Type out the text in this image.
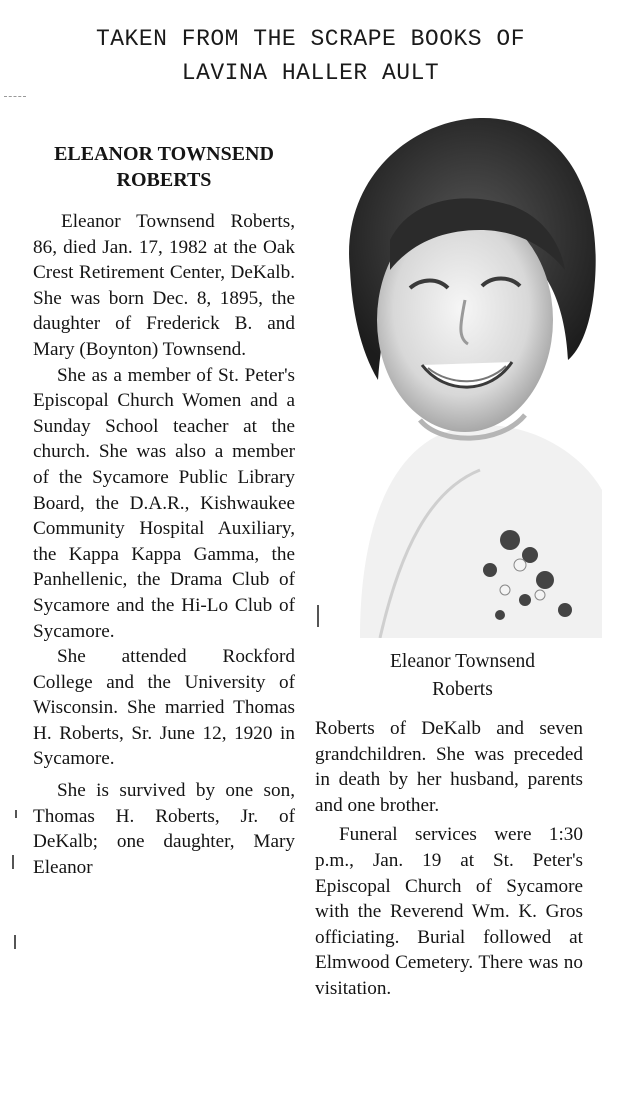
TAKEN FROM THE SCRAPE BOOKS OF
LAVINA HALLER AULT
ELEANOR TOWNSEND
ROBERTS

Eleanor Townsend Roberts, 86, died Jan. 17, 1982 at the Oak Crest Retirement Center, DeKalb. She was born Dec. 8, 1895, the daughter of Frederick B. and Mary (Boynton) Townsend.

She as a member of St. Peter's Episcopal Church Women and a Sunday School teacher at the church. She was also a member of the Sycamore Public Library Board, the D.A.R., Kishwaukee Community Hospital Auxiliary, the Kappa Kappa Gamma, the Panhellenic, the Drama Club of Sycamore and the Hi-Lo Club of Sycamore.

She attended Rockford College and the University of Wisconsin. She married Thomas H. Roberts, Sr. June 12, 1920 in Sycamore.

She is survived by one son, Thomas H. Roberts, Jr. of DeKalb; one daughter, Mary Eleanor

Eleanor Townsend
Roberts

Roberts of DeKalb and seven grandchildren. She was preceded in death by her husband, parents and one brother.

Funeral services were 1:30 p.m., Jan. 19 at St. Peter's Episcopal Church of Sycamore with the Reverend Wm. K. Gros officiating. Burial followed at Elmwood Cemetery. There was no visitation.
